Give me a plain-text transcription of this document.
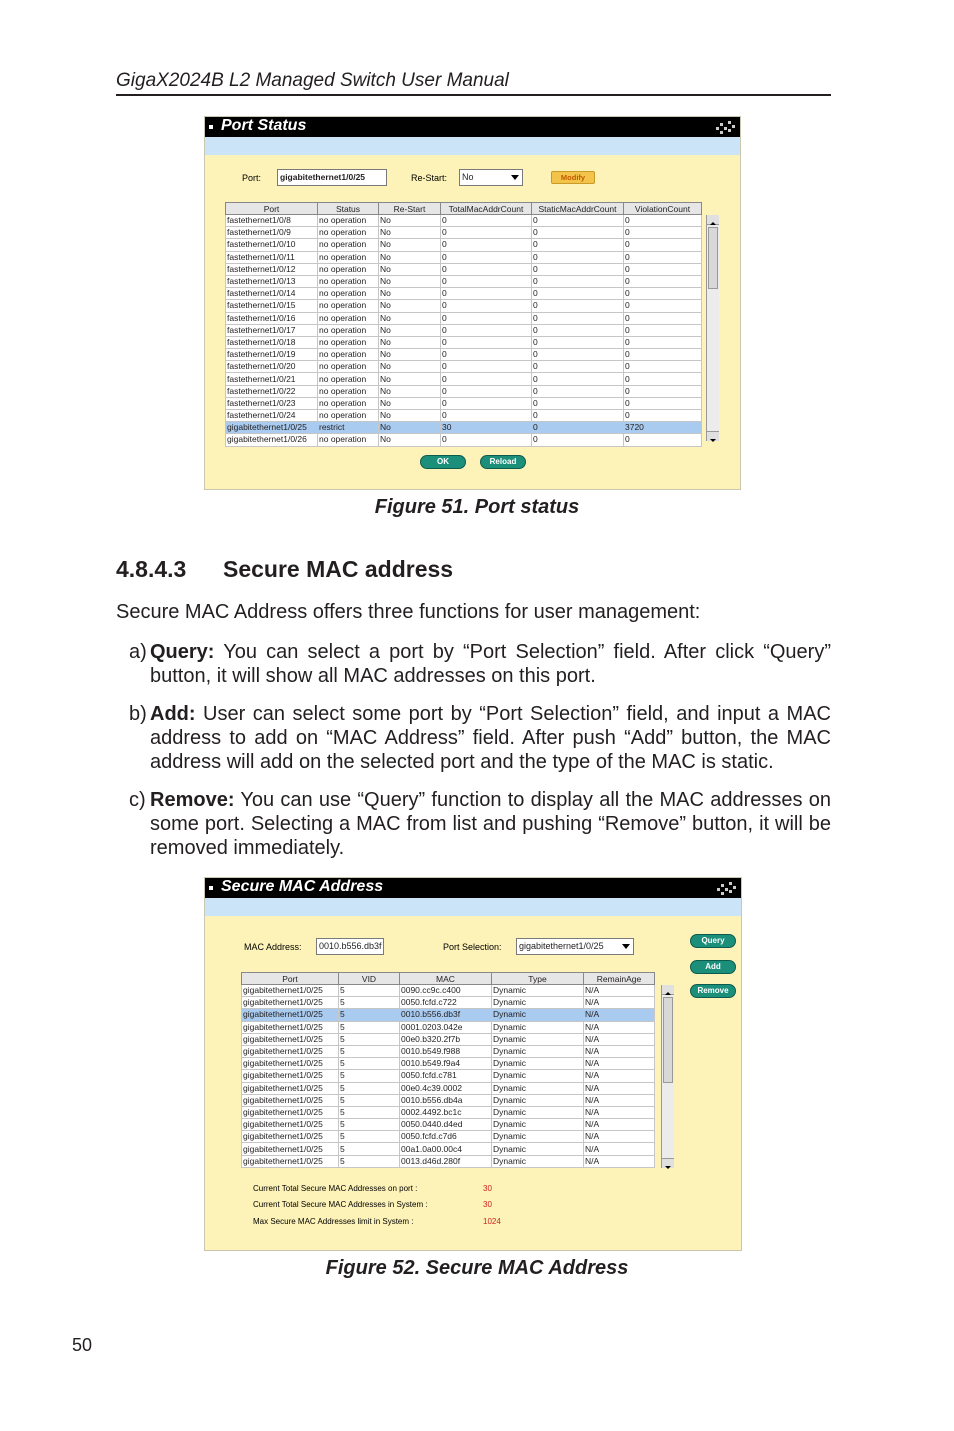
GigaX2024B L2 Managed Switch User Manual
Port Status
Port:	gigabitethernet1/0/25	Re-Start:	No	Modify
Port	Status	Re-Start	TotalMacAddrCount	StaticMacAddrCount	ViolationCount
fastethernet1/0/8	no operation	No	0	0	0
fastethernet1/0/9	no operation	No	0	0	0
fastethernet1/0/10	no operation	No	0	0	0
fastethernet1/0/11	no operation	No	0	0	0
fastethernet1/0/12	no operation	No	0	0	0
fastethernet1/0/13	no operation	No	0	0	0
fastethernet1/0/14	no operation	No	0	0	0
fastethernet1/0/15	no operation	No	0	0	0
fastethernet1/0/16	no operation	No	0	0	0
fastethernet1/0/17	no operation	No	0	0	0
fastethernet1/0/18	no operation	No	0	0	0
fastethernet1/0/19	no operation	No	0	0	0
fastethernet1/0/20	no operation	No	0	0	0
fastethernet1/0/21	no operation	No	0	0	0
fastethernet1/0/22	no operation	No	0	0	0
fastethernet1/0/23	no operation	No	0	0	0
fastethernet1/0/24	no operation	No	0	0	0
gigabitethernet1/0/25	restrict	No	30	0	3720
gigabitethernet1/0/26	no operation	No	0	0	0
OK	Reload
Figure 51. Port status
4.8.4.3 Secure MAC address
Secure MAC Address offers three functions for user management:
a) Query: You can select a port by “Port Selection” field. After click “Query” button, it will show all MAC addresses on this port.
b) Add: User can select some port by “Port Selection” field, and input a MAC address to add on “MAC Address” field. After push “Add” button, the MAC address will add on the selected port and the type of the MAC is static.
c) Remove: You can use “Query” function to display all the MAC addresses on some port. Selecting a MAC from list and pushing “Remove” button, it will be removed immediately.
Secure MAC Address
MAC Address:	0010.b556.db3f	Port Selection:	gigabitethernet1/0/25
Query
Add
Remove
Port	VID	MAC	Type	RemainAge
gigabitethernet1/0/25	5	0090.cc9c.c400	Dynamic	N/A
gigabitethernet1/0/25	5	0050.fcfd.c722	Dynamic	N/A
gigabitethernet1/0/25	5	0010.b556.db3f	Dynamic	N/A
gigabitethernet1/0/25	5	0001.0203.042e	Dynamic	N/A
gigabitethernet1/0/25	5	00e0.b320.2f7b	Dynamic	N/A
gigabitethernet1/0/25	5	0010.b549.f988	Dynamic	N/A
gigabitethernet1/0/25	5	0010.b549.f9a4	Dynamic	N/A
gigabitethernet1/0/25	5	0050.fcfd.c781	Dynamic	N/A
gigabitethernet1/0/25	5	00e0.4c39.0002	Dynamic	N/A
gigabitethernet1/0/25	5	0010.b556.db4a	Dynamic	N/A
gigabitethernet1/0/25	5	0002.4492.bc1c	Dynamic	N/A
gigabitethernet1/0/25	5	0050.0440.d4ed	Dynamic	N/A
gigabitethernet1/0/25	5	0050.fcfd.c7d6	Dynamic	N/A
gigabitethernet1/0/25	5	00a1.0a00.00c4	Dynamic	N/A
gigabitethernet1/0/25	5	0013.d46d.280f	Dynamic	N/A
Current Total Secure MAC Addresses on port :	30
Current Total Secure MAC Addresses in System :	30
Max Secure MAC Addresses limit in System :	1024
Figure 52. Secure MAC Address
50
